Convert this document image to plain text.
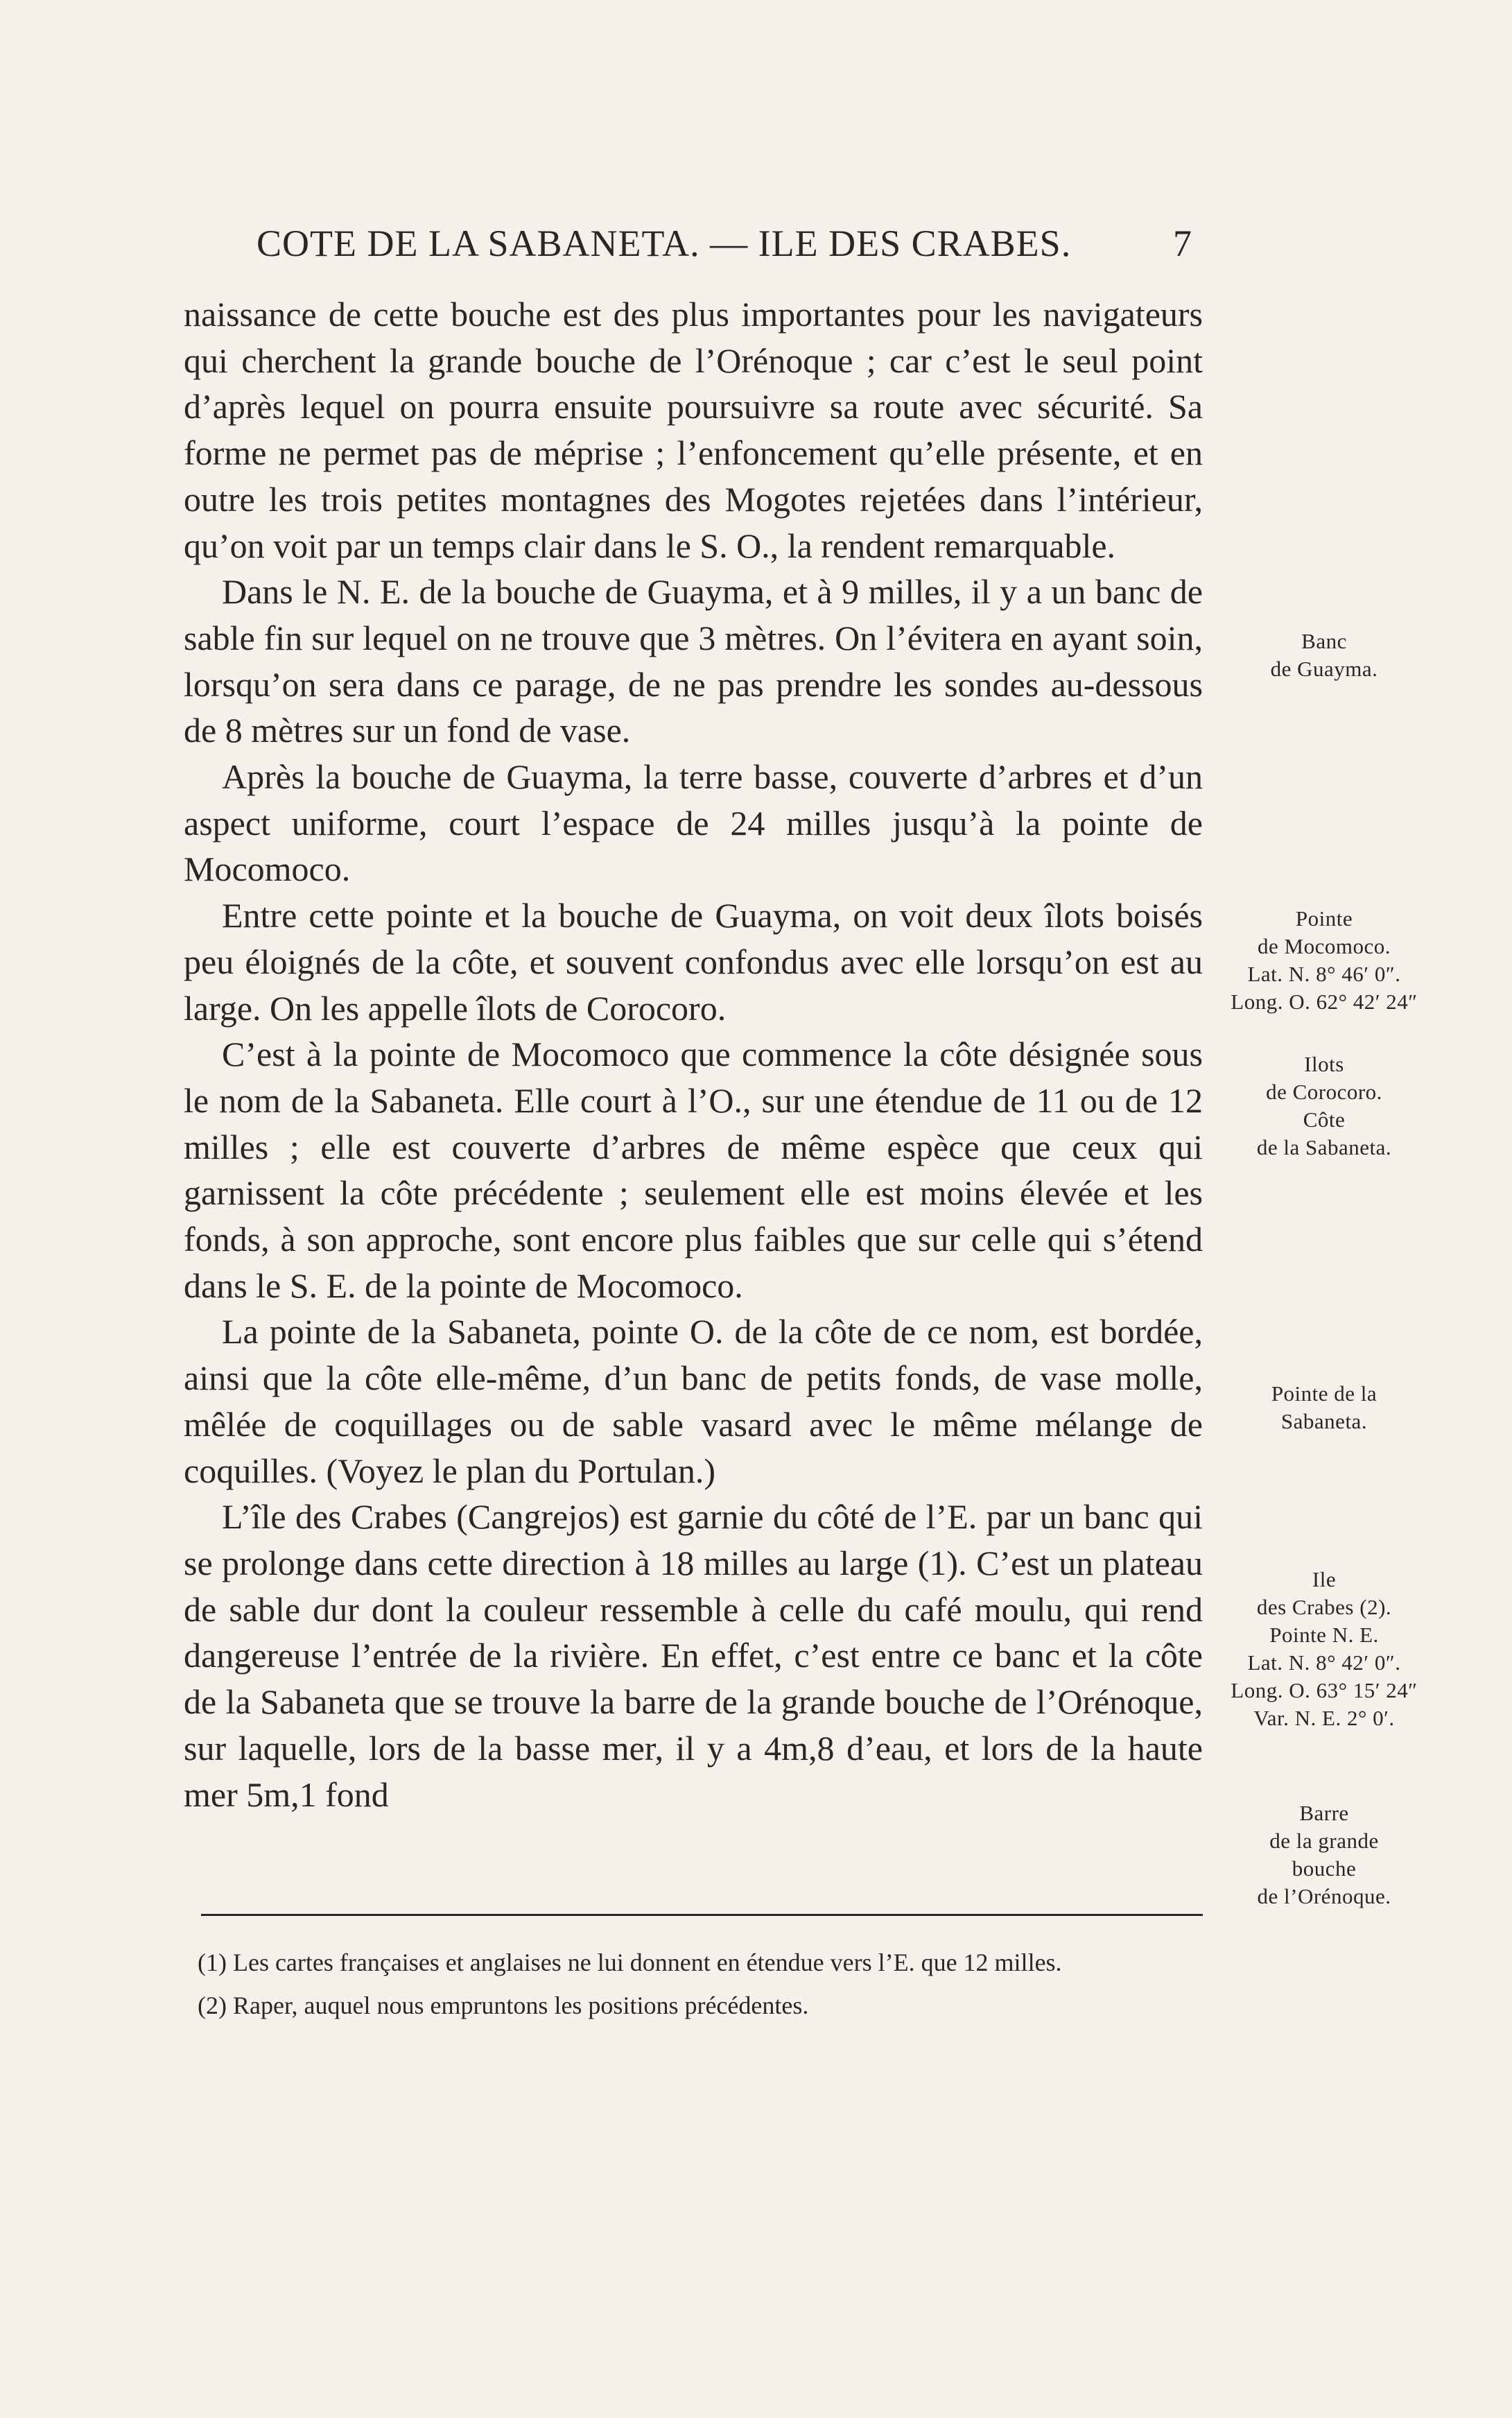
COTE DE LA SABANETA. — ILE DES CRABES.	7

naissance de cette bouche est des plus importantes pour les navigateurs qui cherchent la grande bouche de l’Orénoque ; car c’est le seul point d’après lequel on pourra ensuite poursuivre sa route avec sécurité. Sa forme ne permet pas de méprise ; l’enfoncement qu’elle présente, et en outre les trois petites montagnes des Mogotes rejetées dans l’intérieur, qu’on voit par un temps clair dans le S. O., la rendent remarquable.

Dans le N. E. de la bouche de Guayma, et à 9 milles, il y a un banc de sable fin sur lequel on ne trouve que 3 mètres. On l’évitera en ayant soin, lorsqu’on sera dans ce parage, de ne pas prendre les sondes au-dessous de 8 mètres sur un fond de vase.

Après la bouche de Guayma, la terre basse, couverte d’arbres et d’un aspect uniforme, court l’espace de 24 milles jusqu’à la pointe de Mocomoco.

Entre cette pointe et la bouche de Guayma, on voit deux îlots boisés peu éloignés de la côte, et souvent confondus avec elle lorsqu’on est au large. On les appelle îlots de Corocoro.

C’est à la pointe de Mocomoco que commence la côte désignée sous le nom de la Sabaneta. Elle court à l’O., sur une étendue de 11 ou de 12 milles ; elle est couverte d’arbres de même espèce que ceux qui garnissent la côte précédente ; seulement elle est moins élevée et les fonds, à son approche, sont encore plus faibles que sur celle qui s’étend dans le S. E. de la pointe de Mocomoco.

La pointe de la Sabaneta, pointe O. de la côte de ce nom, est bordée, ainsi que la côte elle-même, d’un banc de petits fonds, de vase molle, mêlée de coquillages ou de sable vasard avec le même mélange de coquilles. (Voyez le plan du Portulan.)

L’île des Crabes (Cangrejos) est garnie du côté de l’E. par un banc qui se prolonge dans cette direction à 18 milles au large (1). C’est un plateau de sable dur dont la couleur ressemble à celle du café moulu, qui rend dangereuse l’entrée de la rivière. En effet, c’est entre ce banc et la côte de la Sabaneta que se trouve la barre de la grande bouche de l’Orénoque, sur laquelle, lors de la basse mer, il y a 4m,8 d’eau, et lors de la haute mer 5m,1 fond

Banc
de Guayma.
Pointe
de Mocomoco.
Lat. N. 8° 46′ 0″.
Long. O. 62° 42′ 24″
Ilots
de Corocoro.
Côte
de la Sabaneta.
Pointe de la
Sabaneta.
Ile
des Crabes (2).
Pointe N. E.
Lat. N. 8° 42′ 0″.
Long. O. 63° 15′ 24″
Var. N. E. 2° 0′.
Barre
de la grande
bouche
de l’Orénoque.

(1) Les cartes françaises et anglaises ne lui donnent en étendue vers l’E. que 12 milles.

(2) Raper, auquel nous empruntons les positions précédentes.
